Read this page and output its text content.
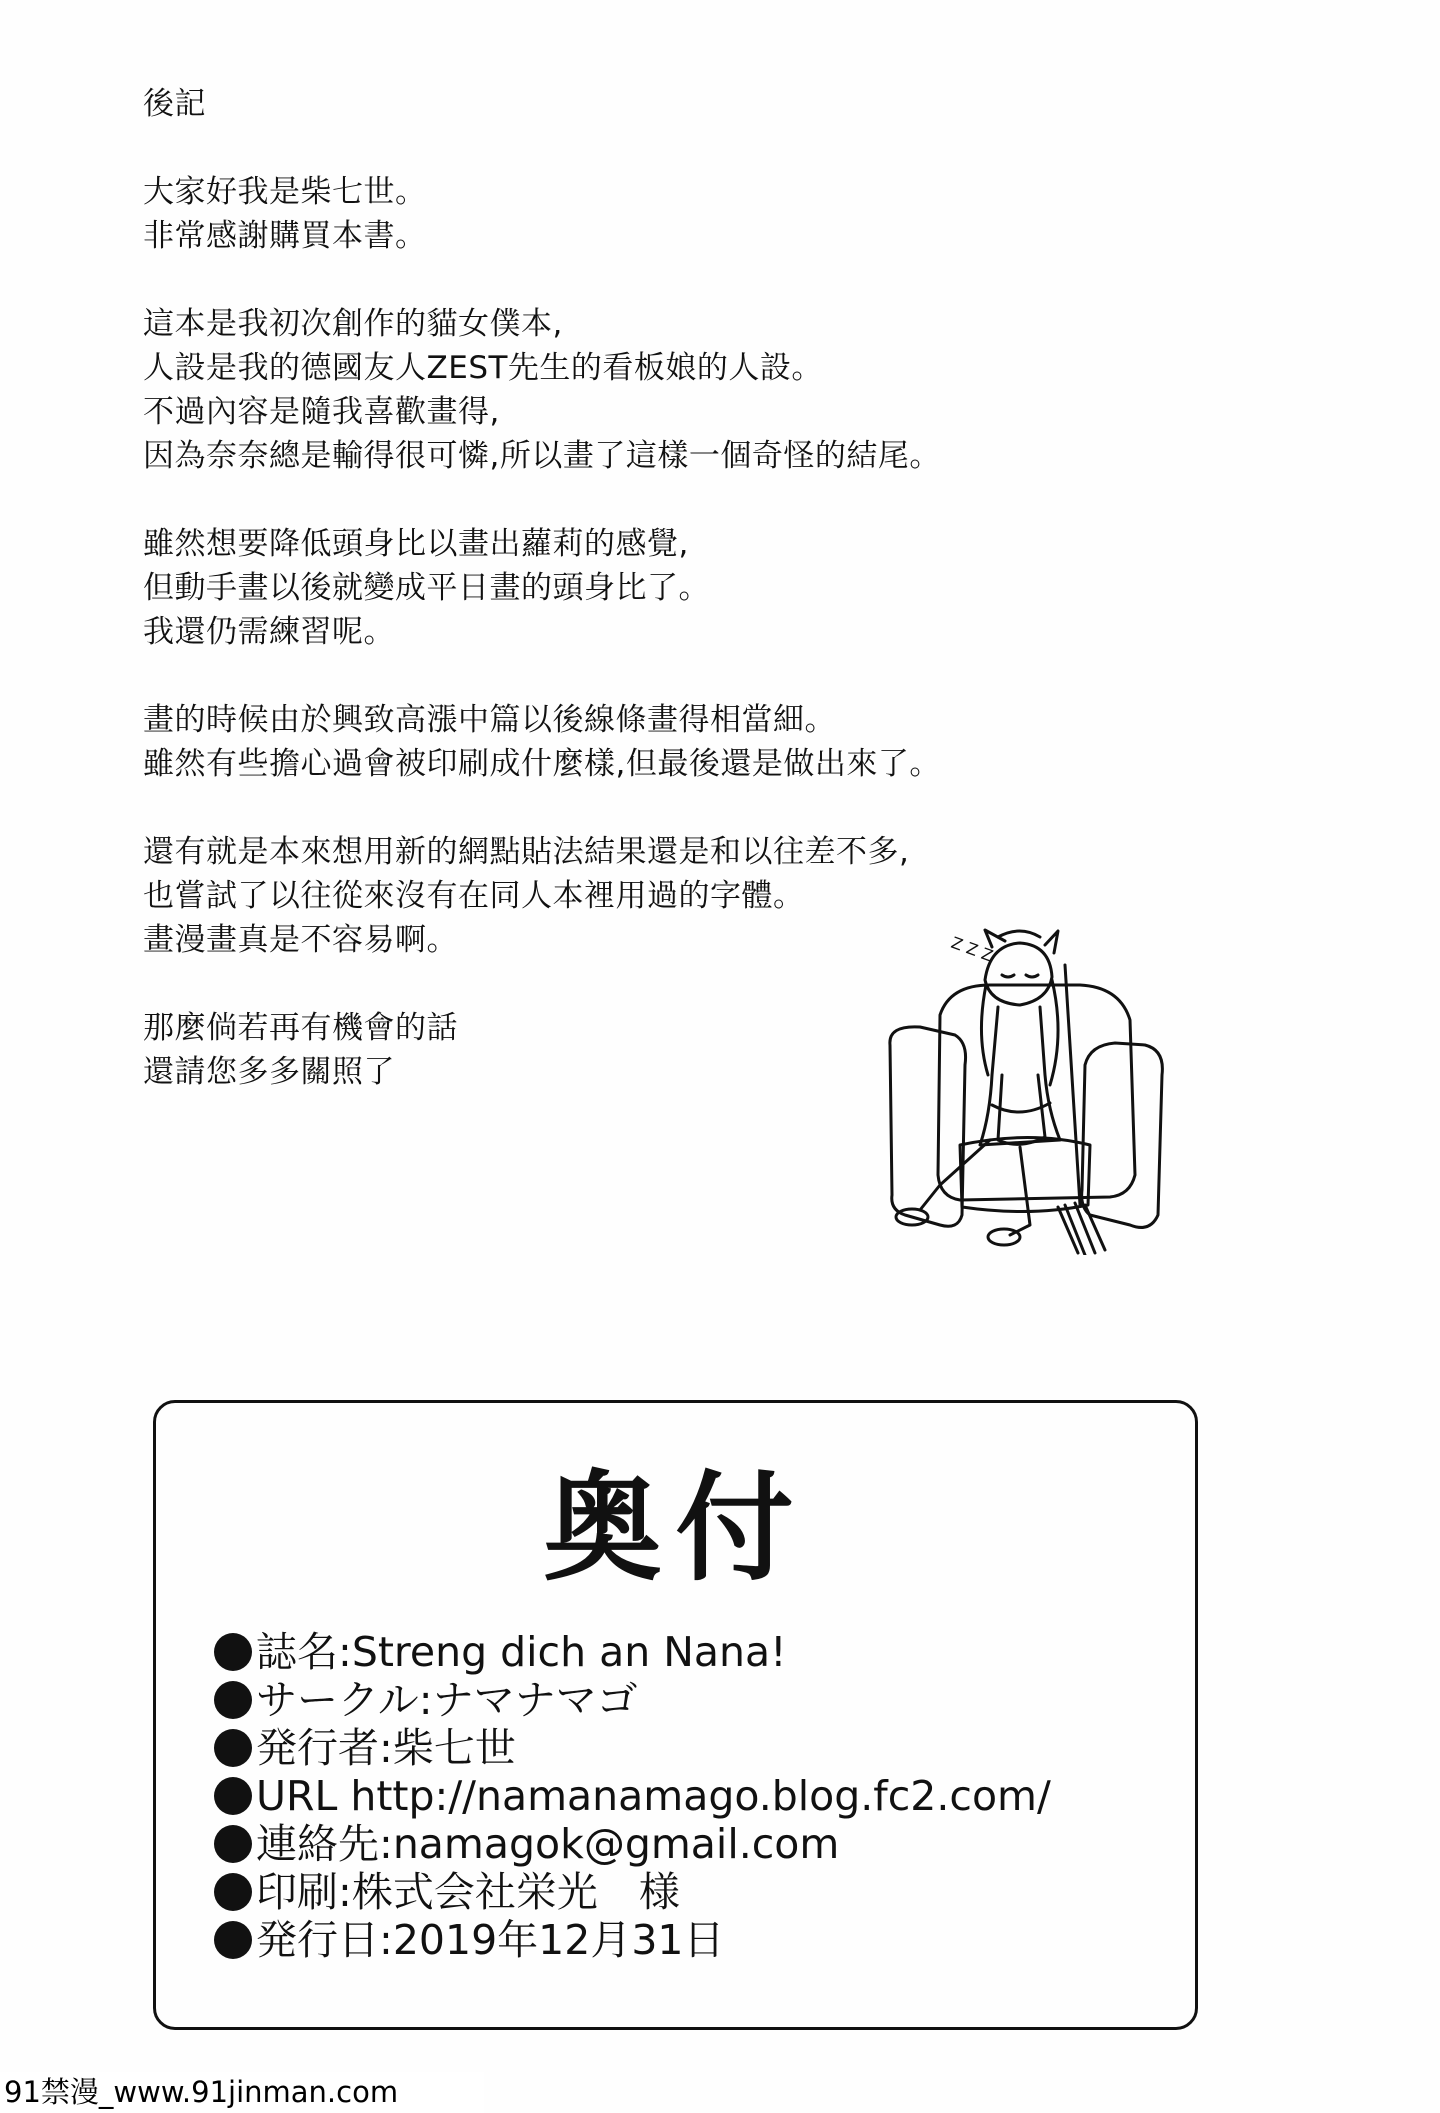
後記
大家好我是柴七世。
非常感謝購買本書。
這本是我初次創作的貓女僕本,
人設是我的德國友人ZEST先生的看板娘的人設。
不過內容是隨我喜歡畫得,
因為奈奈總是輸得很可憐,所以畫了這樣一個奇怪的結尾。
雖然想要降低頭身比以畫出蘿莉的感覺,
但動手畫以後就變成平日畫的頭身比了。
我還仍需練習呢。
畫的時候由於興致高漲中篇以後線條畫得相當細。
雖然有些擔心過會被印刷成什麼樣,但最後還是做出來了。
還有就是本來想用新的網點貼法結果還是和以往差不多,
也嘗試了以往從來沒有在同人本裡用過的字體。
畫漫畫真是不容易啊。
那麼倘若再有機會的話
還請您多多關照了
Z Z Z
奥付
誌名:Streng dich an Nana!
サークル:ナマナマゴ
発行者:柴七世
URL http://namanamago.blog.fc2.com/
連絡先:namagok@gmail.com
印刷:株式会社栄光　様
発行日:2019年12月31日
91禁漫_www.91jinman.com
